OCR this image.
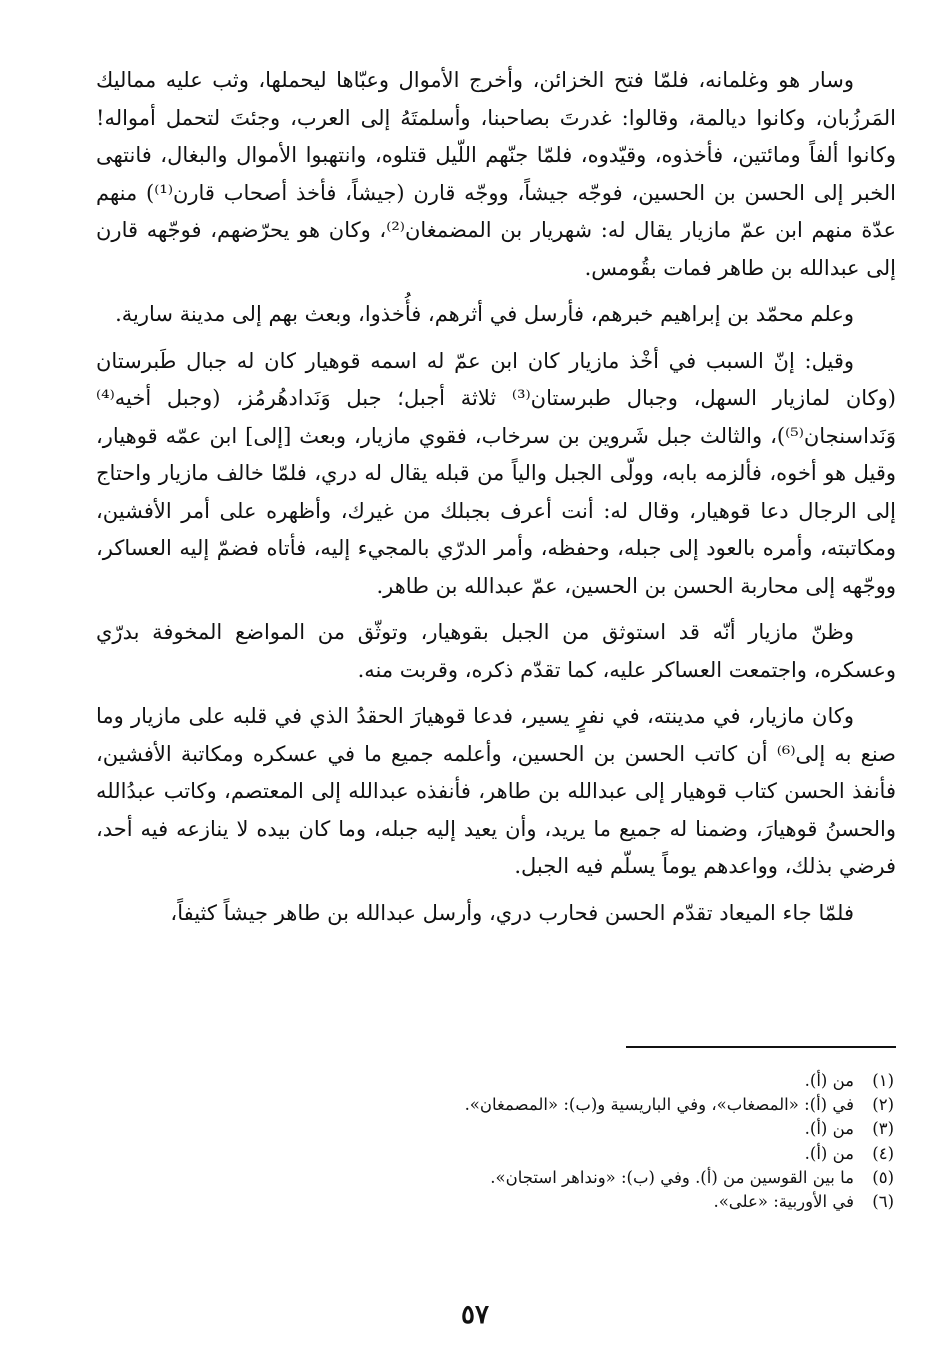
وسار هو وغلمانه، فلمّا فتح الخزائن، وأخرج الأموال وعبّاها ليحملها، وثب عليه مماليك المَرزُبان، وكانوا ديالمة، وقالوا: غدرتَ بصاحبنا، وأسلمتَهُ إلى العرب، وجئتَ لتحمل أمواله! وكانوا ألفاً ومائتين، فأخذوه، وقيّدوه، فلمّا جنّهم اللّيل قتلوه، وانتهبوا الأموال والبغال، فانتهى الخبر إلى الحسن بن الحسين، فوجّه جيشاً، ووجّه قارن (جيشاً، فأخذ أصحاب قارن⁽¹⁾) منهم عدّة منهم ابن عمّ مازيار يقال له: شهريار بن المضمغان⁽²⁾، وكان هو يحرّضهم، فوجّهه قارن إلى عبدالله بن طاهر فمات بقُومس.

وعلم محمّد بن إبراهيم خبرهم، فأرسل في أثرهم، فأُخذوا، وبعث بهم إلى مدينة سارية.

وقيل: إنّ السبب في أخْذ مازيار كان ابن عمّ له اسمه قوهيار كان له جبال طَبرستان (وكان لمازيار السهل، وجبال طبرستان⁽³⁾ ثلاثة أجبل؛ جبل وَنَدادهُرمُز، (وجبل أخيه⁽⁴⁾ وَنَداسنجان⁽⁵⁾)، والثالث جبل شَروين بن سرخاب، فقوي مازيار، وبعث [إلى] ابن عمّه قوهيار، وقيل هو أخوه، فألزمه بابه، وولّى الجبل والياً من قبله يقال له دري، فلمّا خالف مازيار واحتاج إلى الرجال دعا قوهيار، وقال له: أنت أعرف بجبلك من غيرك، وأظهره على أمر الأفشين، ومكاتبته، وأمره بالعود إلى جبله، وحفظه، وأمر الدرّي بالمجيء إليه، فأتاه فضمّ إليه العساكر، ووجّهه إلى محاربة الحسن بن الحسين، عمّ عبدالله بن طاهر.

وظنّ مازيار أنّه قد استوثق من الجبل بقوهيار، وتوثّق من المواضع المخوفة بدرّي وعسكره، واجتمعت العساكر عليه، كما تقدّم ذكره، وقربت منه.

وكان مازيار، في مدينته، في نفرٍ يسير، فدعا قوهيارَ الحقدُ الذي في قلبه على مازيار وما صنع به إلى⁽⁶⁾ أن كاتب الحسن بن الحسين، وأعلمه جميع ما في عسكره ومكاتبة الأفشين، فأنفذ الحسن كتاب قوهيار إلى عبدالله بن طاهر، فأنفذه عبدالله إلى المعتصم، وكاتب عبدُالله والحسنُ قوهيارَ، وضمنا له جميع ما يريد، وأن يعيد إليه جبله، وما كان بيده لا ينازعه فيه أحد، فرضي بذلك، وواعدهم يوماً يسلّم فيه الجبل.

فلمّا جاء الميعاد تقدّم الحسن فحارب دري، وأرسل عبدالله بن طاهر جيشاً كثيفاً،

(١)
من (أ).
(٢)
في (أ): «المصغاب»، وفي الباريسية و(ب): «المصمغان».
(٣)
من (أ).
(٤)
من (أ).
(٥)
ما بين القوسين من (أ). وفي (ب): «ونداهر استجان».
(٦)
في الأوربية: «على».
٥٧
